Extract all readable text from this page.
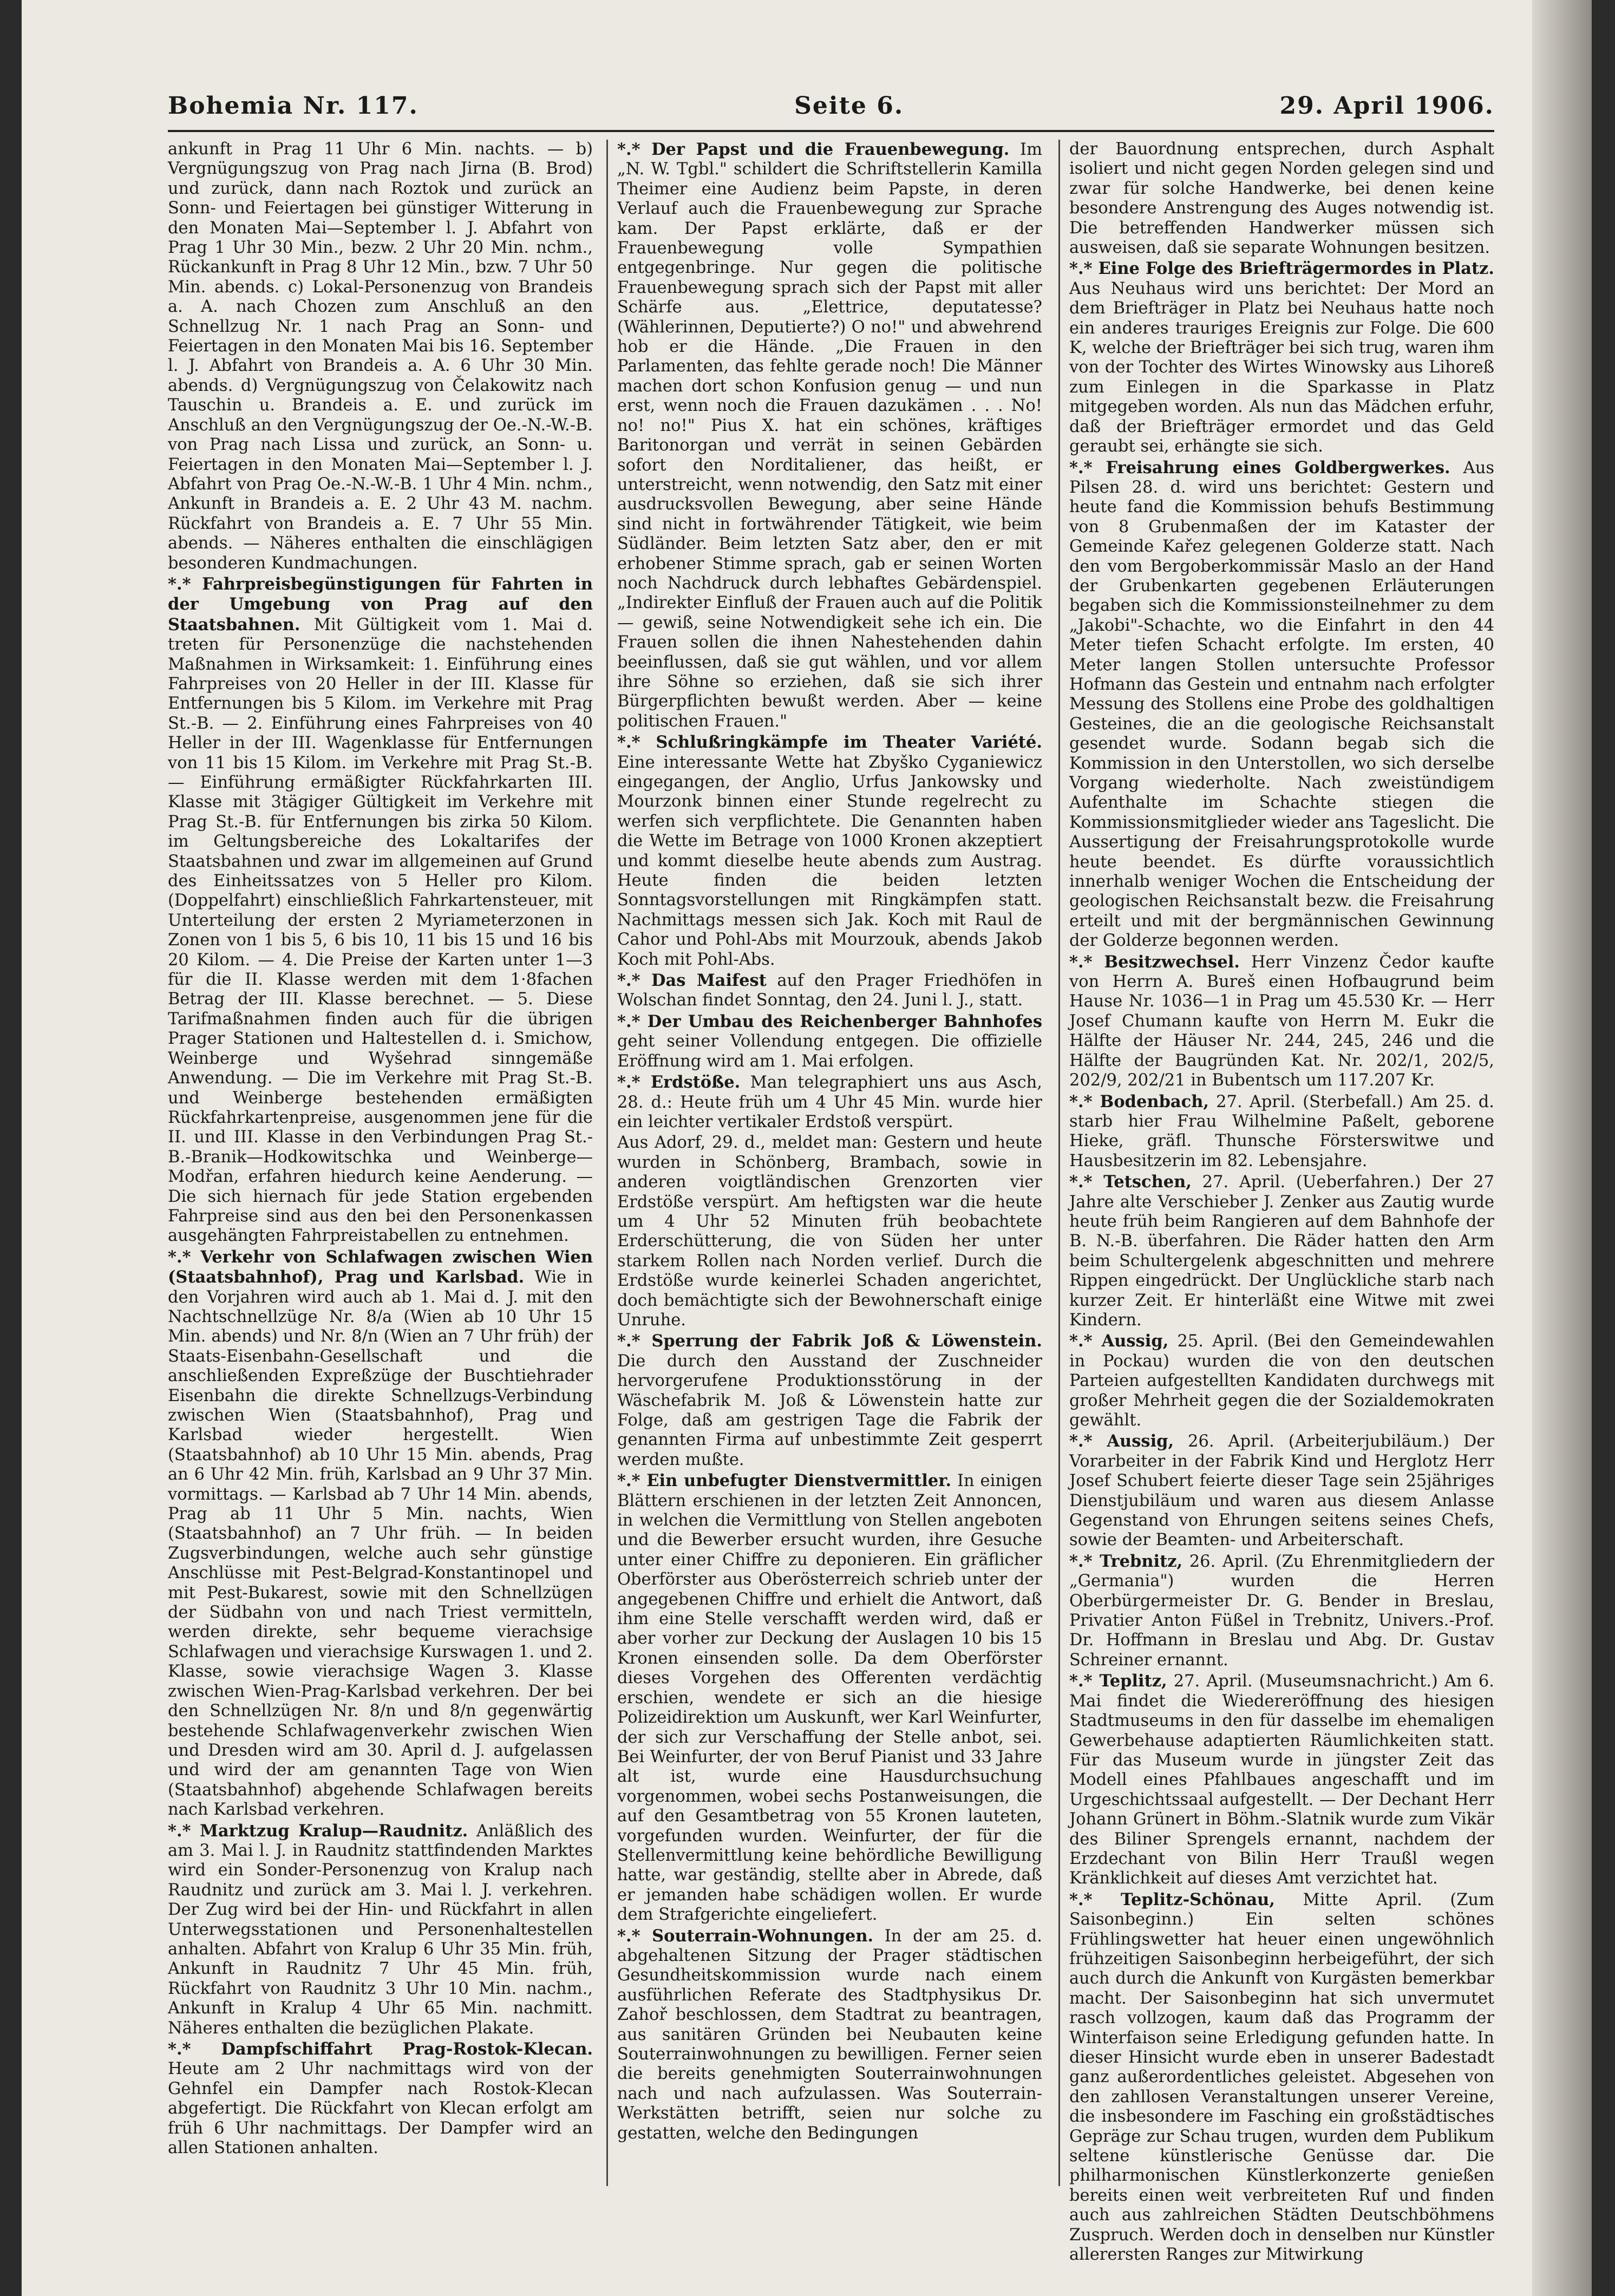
Bohemia Nr. 117.	Seite 6.	29. April 1906.

ankunft in Prag 11 Uhr 6 Min. nachts. — b) Vergnügungszug von Prag nach Jirna (B. Brod) und zurück, dann nach Roztok und zurück an Sonn- und Feiertagen bei günstiger Witterung in den Monaten Mai—September l. J. Abfahrt von Prag 1 Uhr 30 Min., bezw. 2 Uhr 20 Min. nchm., Rückankunft in Prag 8 Uhr 12 Min., bzw. 7 Uhr 50 Min. abends. c) Lokal-Personenzug von Brandeis a. A. nach Chozen zum Anschluß an den Schnellzug Nr. 1 nach Prag an Sonn- und Feiertagen in den Monaten Mai bis 16. September l. J. Abfahrt von Brandeis a. A. 6 Uhr 30 Min. abends. d) Vergnügungszug von Čelakowitz nach Tauschin u. Brandeis a. E. und zurück im Anschluß an den Vergnügungszug der Oe.-N.-W.-B. von Prag nach Lissa und zurück, an Sonn- u. Feiertagen in den Monaten Mai—September l. J. Abfahrt von Prag Oe.-N.-W.-B. 1 Uhr 4 Min. nchm., Ankunft in Brandeis a. E. 2 Uhr 43 M. nachm. Rückfahrt von Brandeis a. E. 7 Uhr 55 Min. abends. — Näheres enthalten die einschlägigen besonderen Kundmachungen.

*.* Fahrpreisbegünstigungen für Fahrten in der Umgebung von Prag auf den Staatsbahnen. Mit Gültigkeit vom 1. Mai d. treten für Personenzüge die nachstehenden Maßnahmen in Wirksamkeit: 1. Einführung eines Fahrpreises von 20 Heller in der III. Klasse für Entfernungen bis 5 Kilom. im Verkehre mit Prag St.-B. — 2. Einführung eines Fahrpreises von 40 Heller in der III. Wagenklasse für Entfernungen von 11 bis 15 Kilom. im Verkehre mit Prag St.-B. — Einführung ermäßigter Rückfahrkarten III. Klasse mit 3tägiger Gültigkeit im Verkehre mit Prag St.-B. für Entfernungen bis zirka 50 Kilom. im Geltungsbereiche des Lokaltarifes der Staatsbahnen und zwar im allgemeinen auf Grund des Einheitssatzes von 5 Heller pro Kilom. (Doppelfahrt) einschließlich Fahrkartensteuer, mit Unterteilung der ersten 2 Myriameterzonen in Zonen von 1 bis 5, 6 bis 10, 11 bis 15 und 16 bis 20 Kilom. — 4. Die Preise der Karten unter 1—3 für die II. Klasse werden mit dem 1·8fachen Betrag der III. Klasse berechnet. — 5. Diese Tarifmaßnahmen finden auch für die übrigen Prager Stationen und Haltestellen d. i. Smichow, Weinberge und Wyšehrad sinngemäße Anwendung. — Die im Verkehre mit Prag St.-B. und Weinberge bestehenden ermäßigten Rückfahrkartenpreise, ausgenommen jene für die II. und III. Klasse in den Verbindungen Prag St.-B.-Branik—Hodkowitschka und Weinberge—Modřan, erfahren hiedurch keine Aenderung. — Die sich hiernach für jede Station ergebenden Fahrpreise sind aus den bei den Personenkassen ausgehängten Fahrpreistabellen zu entnehmen.

*.* Verkehr von Schlafwagen zwischen Wien (Staatsbahnhof), Prag und Karlsbad. Wie in den Vorjahren wird auch ab 1. Mai d. J. mit den Nachtschnellzüge Nr. 8/a (Wien ab 10 Uhr 15 Min. abends) und Nr. 8/n (Wien an 7 Uhr früh) der Staats-Eisenbahn-Gesellschaft und die anschließenden Expreßzüge der Buschtiehrader Eisenbahn die direkte Schnellzugs-Verbindung zwischen Wien (Staatsbahnhof), Prag und Karlsbad wieder hergestellt. Wien (Staatsbahnhof) ab 10 Uhr 15 Min. abends, Prag an 6 Uhr 42 Min. früh, Karlsbad an 9 Uhr 37 Min. vormittags. — Karlsbad ab 7 Uhr 14 Min. abends, Prag ab 11 Uhr 5 Min. nachts, Wien (Staatsbahnhof) an 7 Uhr früh. — In beiden Zugsverbindungen, welche auch sehr günstige Anschlüsse mit Pest-Belgrad-Konstantinopel und mit Pest-Bukarest, sowie mit den Schnellzügen der Südbahn von und nach Triest vermitteln, werden direkte, sehr bequeme vierachsige Schlafwagen und vierachsige Kurswagen 1. und 2. Klasse, sowie vierachsige Wagen 3. Klasse zwischen Wien-Prag-Karlsbad verkehren. Der bei den Schnellzügen Nr. 8/n und 8/n gegenwärtig bestehende Schlafwagenverkehr zwischen Wien und Dresden wird am 30. April d. J. aufgelassen und wird der am genannten Tage von Wien (Staatsbahnhof) abgehende Schlafwagen bereits nach Karlsbad verkehren.

*.* Marktzug Kralup—Raudnitz. Anläßlich des am 3. Mai l. J. in Raudnitz stattfindenden Marktes wird ein Sonder-Personenzug von Kralup nach Raudnitz und zurück am 3. Mai l. J. verkehren. Der Zug wird bei der Hin- und Rückfahrt in allen Unterwegsstationen und Personenhaltestellen anhalten. Abfahrt von Kralup 6 Uhr 35 Min. früh, Ankunft in Raudnitz 7 Uhr 45 Min. früh, Rückfahrt von Raudnitz 3 Uhr 10 Min. nachm., Ankunft in Kralup 4 Uhr 65 Min. nachmitt. Näheres enthalten die bezüglichen Plakate.

*.* Dampfschiffahrt Prag-Rostok-Klecan. Heute am 2 Uhr nachmittags wird von der Gehnfel ein Dampfer nach Rostok-Klecan abgefertigt. Die Rückfahrt von Klecan erfolgt am früh 6 Uhr nachmittags. Der Dampfer wird an allen Stationen anhalten.

*.* Der Papst und die Frauenbewegung. Im „N. W. Tgbl." schildert die Schriftstellerin Kamilla Theimer eine Audienz beim Papste, in deren Verlauf auch die Frauenbewegung zur Sprache kam. Der Papst erklärte, daß er der Frauenbewegung volle Sympathien entgegenbringe. Nur gegen die politische Frauenbewegung sprach sich der Papst mit aller Schärfe aus. „Elettrice, deputatesse? (Wählerinnen, Deputierte?) O no!" und abwehrend hob er die Hände. „Die Frauen in den Parlamenten, das fehlte gerade noch! Die Männer machen dort schon Konfusion genug — und nun erst, wenn noch die Frauen dazukämen . . . No! no! no!" Pius X. hat ein schönes, kräftiges Baritonorgan und verrät in seinen Gebärden sofort den Norditaliener, das heißt, er unterstreicht, wenn notwendig, den Satz mit einer ausdrucksvollen Bewegung, aber seine Hände sind nicht in fortwährender Tätigkeit, wie beim Südländer. Beim letzten Satz aber, den er mit erhobener Stimme sprach, gab er seinen Worten noch Nachdruck durch lebhaftes Gebärdenspiel. „Indirekter Einfluß der Frauen auch auf die Politik — gewiß, seine Notwendigkeit sehe ich ein. Die Frauen sollen die ihnen Nahestehenden dahin beeinflussen, daß sie gut wählen, und vor allem ihre Söhne so erziehen, daß sie sich ihrer Bürgerpflichten bewußt werden. Aber — keine politischen Frauen."

*.* Schlußringkämpfe im Theater Variété. Eine interessante Wette hat Zbyško Cyganiewicz eingegangen, der Anglio, Urfus Jankowsky und Mourzonk binnen einer Stunde regelrecht zu werfen sich verpflichtete. Die Genannten haben die Wette im Betrage von 1000 Kronen akzeptiert und kommt dieselbe heute abends zum Austrag. Heute finden die beiden letzten Sonntagsvorstellungen mit Ringkämpfen statt. Nachmittags messen sich Jak. Koch mit Raul de Cahor und Pohl-Abs mit Mourzouk, abends Jakob Koch mit Pohl-Abs.

*.* Das Maifest auf den Prager Friedhöfen in Wolschan findet Sonntag, den 24. Juni l. J., statt.

*.* Der Umbau des Reichenberger Bahnhofes geht seiner Vollendung entgegen. Die offizielle Eröffnung wird am 1. Mai erfolgen.

*.* Erdstöße. Man telegraphiert uns aus Asch, 28. d.: Heute früh um 4 Uhr 45 Min. wurde hier ein leichter vertikaler Erdstoß verspürt.

Aus Adorf, 29. d., meldet man: Gestern und heute wurden in Schönberg, Brambach, sowie in anderen voigtländischen Grenzorten vier Erdstöße verspürt. Am heftigsten war die heute um 4 Uhr 52 Minuten früh beobachtete Erderschütterung, die von Süden her unter starkem Rollen nach Norden verlief. Durch die Erdstöße wurde keinerlei Schaden angerichtet, doch bemächtigte sich der Bewohnerschaft einige Unruhe.

*.* Sperrung der Fabrik Joß & Löwenstein. Die durch den Ausstand der Zuschneider hervorgerufene Produktionsstörung in der Wäschefabrik M. Joß & Löwenstein hatte zur Folge, daß am gestrigen Tage die Fabrik der genannten Firma auf unbestimmte Zeit gesperrt werden mußte.

*.* Ein unbefugter Dienstvermittler. In einigen Blättern erschienen in der letzten Zeit Annoncen, in welchen die Vermittlung von Stellen angeboten und die Bewerber ersucht wurden, ihre Gesuche unter einer Chiffre zu deponieren. Ein gräflicher Oberförster aus Oberösterreich schrieb unter der angegebenen Chiffre und erhielt die Antwort, daß ihm eine Stelle verschafft werden wird, daß er aber vorher zur Deckung der Auslagen 10 bis 15 Kronen einsenden solle. Da dem Oberförster dieses Vorgehen des Offerenten verdächtig erschien, wendete er sich an die hiesige Polizeidirektion um Auskunft, wer Karl Weinfurter, der sich zur Verschaffung der Stelle anbot, sei. Bei Weinfurter, der von Beruf Pianist und 33 Jahre alt ist, wurde eine Hausdurchsuchung vorgenommen, wobei sechs Postanweisungen, die auf den Gesamtbetrag von 55 Kronen lauteten, vorgefunden wurden. Weinfurter, der für die Stellenvermittlung keine behördliche Bewilligung hatte, war geständig, stellte aber in Abrede, daß er jemanden habe schädigen wollen. Er wurde dem Strafgerichte eingeliefert.

*.* Souterrain-Wohnungen. In der am 25. d. abgehaltenen Sitzung der Prager städtischen Gesundheitskommission wurde nach einem ausführlichen Referate des Stadtphysikus Dr. Zahoř beschlossen, dem Stadtrat zu beantragen, aus sanitären Gründen bei Neubauten keine Souterrainwohnungen zu bewilligen. Ferner seien die bereits genehmigten Souterrainwohnungen nach und nach aufzulassen. Was Souterrain-Werkstätten betrifft, seien nur solche zu gestatten, welche den Bedingungen

der Bauordnung entsprechen, durch Asphalt isoliert und nicht gegen Norden gelegen sind und zwar für solche Handwerke, bei denen keine besondere Anstrengung des Auges notwendig ist. Die betreffenden Handwerker müssen sich ausweisen, daß sie separate Wohnungen besitzen.

*.* Eine Folge des Briefträgermordes in Platz. Aus Neuhaus wird uns berichtet: Der Mord an dem Briefträger in Platz bei Neuhaus hatte noch ein anderes trauriges Ereignis zur Folge. Die 600 K, welche der Briefträger bei sich trug, waren ihm von der Tochter des Wirtes Winowsky aus Lihoreß zum Einlegen in die Sparkasse in Platz mitgegeben worden. Als nun das Mädchen erfuhr, daß der Briefträger ermordet und das Geld geraubt sei, erhängte sie sich.

*.* Freisahrung eines Goldbergwerkes. Aus Pilsen 28. d. wird uns berichtet: Gestern und heute fand die Kommission behufs Bestimmung von 8 Grubenmaßen der im Kataster der Gemeinde Kařez gelegenen Golderze statt. Nach den vom Bergoberkommissär Maslo an der Hand der Grubenkarten gegebenen Erläuterungen begaben sich die Kommissionsteilnehmer zu dem „Jakobi"-Schachte, wo die Einfahrt in den 44 Meter tiefen Schacht erfolgte. Im ersten, 40 Meter langen Stollen untersuchte Professor Hofmann das Gestein und entnahm nach erfolgter Messung des Stollens eine Probe des goldhaltigen Gesteines, die an die geologische Reichsanstalt gesendet wurde. Sodann begab sich die Kommission in den Unterstollen, wo sich derselbe Vorgang wiederholte. Nach zweistündigem Aufenthalte im Schachte stiegen die Kommissionsmitglieder wieder ans Tageslicht. Die Aussertigung der Freisahrungsprotokolle wurde heute beendet. Es dürfte voraussichtlich innerhalb weniger Wochen die Entscheidung der geologischen Reichsanstalt bezw. die Freisahrung erteilt und mit der bergmännischen Gewinnung der Golderze begonnen werden.

*.* Besitzwechsel. Herr Vinzenz Čedor kaufte von Herrn A. Bureš einen Hofbaugrund beim Hause Nr. 1036—1 in Prag um 45.530 Kr. — Herr Josef Chumann kaufte von Herrn M. Eukr die Hälfte der Häuser Nr. 244, 245, 246 und die Hälfte der Baugründen Kat. Nr. 202/1, 202/5, 202/9, 202/21 in Bubentsch um 117.207 Kr.

*.* Bodenbach, 27. April. (Sterbefall.) Am 25. d. starb hier Frau Wilhelmine Paßelt, geborene Hieke, gräfl. Thunsche Försterswitwe und Hausbesitzerin im 82. Lebensjahre.

*.* Tetschen, 27. April. (Ueberfahren.) Der 27 Jahre alte Verschieber J. Zenker aus Zautig wurde heute früh beim Rangieren auf dem Bahnhofe der B. N.-B. überfahren. Die Räder hatten den Arm beim Schultergelenk abgeschnitten und mehrere Rippen eingedrückt. Der Unglückliche starb nach kurzer Zeit. Er hinterläßt eine Witwe mit zwei Kindern.

*.* Aussig, 25. April. (Bei den Gemeindewahlen in Pockau) wurden die von den deutschen Parteien aufgestellten Kandidaten durchwegs mit großer Mehrheit gegen die der Sozialdemokraten gewählt.

*.* Aussig, 26. April. (Arbeiterjubiläum.) Der Vorarbeiter in der Fabrik Kind und Herglotz Herr Josef Schubert feierte dieser Tage sein 25jähriges Dienstjubiläum und waren aus diesem Anlasse Gegenstand von Ehrungen seitens seines Chefs, sowie der Beamten- und Arbeiterschaft.

*.* Trebnitz, 26. April. (Zu Ehrenmitgliedern der „Germania") wurden die Herren Oberbürgermeister Dr. G. Bender in Breslau, Privatier Anton Füßel in Trebnitz, Univers.-Prof. Dr. Hoffmann in Breslau und Abg. Dr. Gustav Schreiner ernannt.

*.* Teplitz, 27. April. (Museumsnachricht.) Am 6. Mai findet die Wiedereröffnung des hiesigen Stadtmuseums in den für dasselbe im ehemaligen Gewerbehause adaptierten Räumlichkeiten statt. Für das Museum wurde in jüngster Zeit das Modell eines Pfahlbaues angeschafft und im Urgeschichtssaal aufgestellt. — Der Dechant Herr Johann Grünert in Böhm.-Slatnik wurde zum Vikär des Biliner Sprengels ernannt, nachdem der Erzdechant von Bilin Herr Traußl wegen Kränklichkeit auf dieses Amt verzichtet hat.

*.* Teplitz-Schönau, Mitte April. (Zum Saisonbeginn.) Ein selten schönes Frühlingswetter hat heuer einen ungewöhnlich frühzeitigen Saisonbeginn herbeigeführt, der sich auch durch die Ankunft von Kurgästen bemerkbar macht. Der Saisonbeginn hat sich unvermutet rasch vollzogen, kaum daß das Programm der Winterfaison seine Erledigung gefunden hatte. In dieser Hinsicht wurde eben in unserer Badestadt ganz außerordentliches geleistet. Abgesehen von den zahllosen Veranstaltungen unserer Vereine, die insbesondere im Fasching ein großstädtisches Gepräge zur Schau trugen, wurden dem Publikum seltene künstlerische Genüsse dar. Die philharmonischen Künstlerkonzerte genießen bereits einen weit verbreiteten Ruf und finden auch aus zahlreichen Städten Deutschböhmens Zuspruch. Werden doch in denselben nur Künstler allerersten Ranges zur Mitwirkung
